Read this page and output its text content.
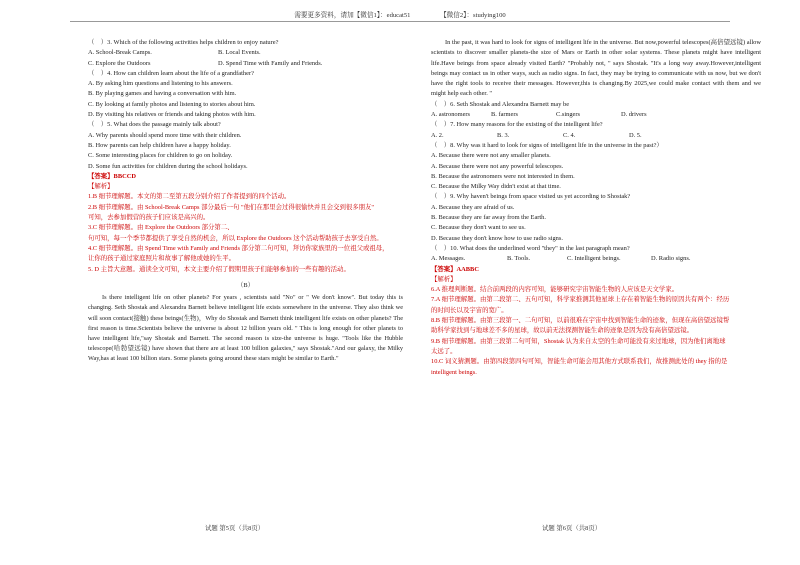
需要更多资料，请加【微信1】：educat51	【微信2】：studying100
（　）3. Which of the following activities helps children to enjoy nature?
A. School-Break Camps.	B. Local Events.
C. Explore the Outdoors	D. Spend Time with Family and Friends.
（　）4. How can children learn about the life of a grandfather?
A. By asking him questions and listening to his answers.
B. By playing games and having a conversation with him.
C. By looking at family photos and listening to stories about him.
D. By visiting his relatives or friends and taking photos with him.
（　）5. What does the passage mainly talk about?
A. Why parents should spend more time with their children.
B. How parents can help children have a happy holiday.
C. Some interesting places for children to go on holiday.
D. Some fun activities for children during the school holidays.
【答案】BBCCD
【解析】
1.B 细节理解题。本文的第二至第五段分别介绍了作者提到的四个活动。
2.B 细节理解题。由 School-Break Camps 部分最后一句 "他们在那里会过得很愉快并且会交到很多朋友"
可知，去参加假营的孩子们应该是高兴的。
3.C 细节理解题。由 Explore the Outdoors 部分第二、
句可知，每一个季节都提供了享受自然的机会，所以 Explore the Outdoors 这个活动帮助孩子去享受自然。
4.C 细节理解题。由 Spend Time with Family and Friends 部分第二句可知，拜访你家族里的一位祖父或祖母，
让你的孩子通过家庭照片和故事了解他或她的生平。
5. D 主旨大意题。通读全文可知，本文主要介绍了假期里孩子们能够参加的一些有趣的活动。
（B）
Is there intelligent life on other planets? For years , scientists said "No" or " We don't know". But today this is changing. Seth Shostak and Alexandra Barnett believe intelligent life exists somewhere in the universe. They also think we will soon contact(接触) these beings(生物)，Why do Shostak and Barnett think intelligent life exists on other planets? The first reason is time.Scientists believe the universe is about 12 billion years old. " This is long enough for other planets to have intelligent life,"say Shostak and Barnett. The second reason is size-the universe is huge. "Tools like the Hubble telescope(哈勃望远镜) have shown that there are at least 100 billion galaxies," says Shostak."And our galaxy, the Milky Way,has at least 100 billion stars. Some planets going around these stars might be similar to Earth."
试题 第5页（共8页）
In the past, it was hard to look for signs of intelligent life in the universe. But now,powerful telescopes(高倍望远镜) allow scientists to discover smaller planets-the size of Mars or Earth in other solar systems. These planets might have intelligent life.Have beings from space already visited Earth? "Probably not, " says Shostak. "It's a long way away.However,intelligent beings may contact us in other ways, such as radio signs. In fact, they may be trying to communicate with us now, but we don't have the right tools to receive their messages. However,this is changing.By 2025,we could make contact with them and we might help each other. "
（　）6. Seth Shostak and Alexandra Barnett may be
A. astronomers	B. farmers	C.singers	D. drivers
（　）7. How many reasons for the existing of the intelligent life?
A. 2.	B. 3.	C. 4.	D. 5.
（　）8. Why was it hard to look for signs of intelligent life in the universe in the past?）
A. Because there were not any smaller planets.
A. Because there were not any powerful telescopes.
B. Because the astronomers were not interested in them.
C. Because the Milky Way didn't exist at that time.
（　）9. Why haven't beings from space visited us yet according to Shostak?
A. Because they are afraid of us.
B. Because they are far away from the Earth.
C. Because they don't want to see us.
D. Because they don't know how to use radio signs.
（　）10. What does the underlined word "they" in the last paragraph mean?
A. Messages.	B. Tools.	C. Intelligent beings.	D. Radio signs.
【答案】AABBC
【解析】
6.A 推理判断题。结合前两段的内容可知，能够研究宇宙智能生物的人应该是天文学家。
7.A 细节理解题。由第二段第二、五句可知，科学家推测其他星球上存在着智能生物的原因共有两个：经历
的时间长以及宇宙的宽广。
8.B 细节理解题。由第三段第一、二句可知，以前很难在宇宙中找到智能生命的迹象，但现在高倍望远镜帮
助科学家找到与地球差不多的星球，故以前无法探测智能生命的迹象是因为没有高倍望远镜。
9.B 细节理解题。由第三段第二句可知，Shostak 认为来自太空的生命可能没有来过地球，因为他们离地球
太远了。
10.C 词义猜测题。由第四段第四句可知，智能生命可能会用其他方式联系我们，故推测此处的 they 指的是
intelligent beings.
试题 第6页（共8页）
